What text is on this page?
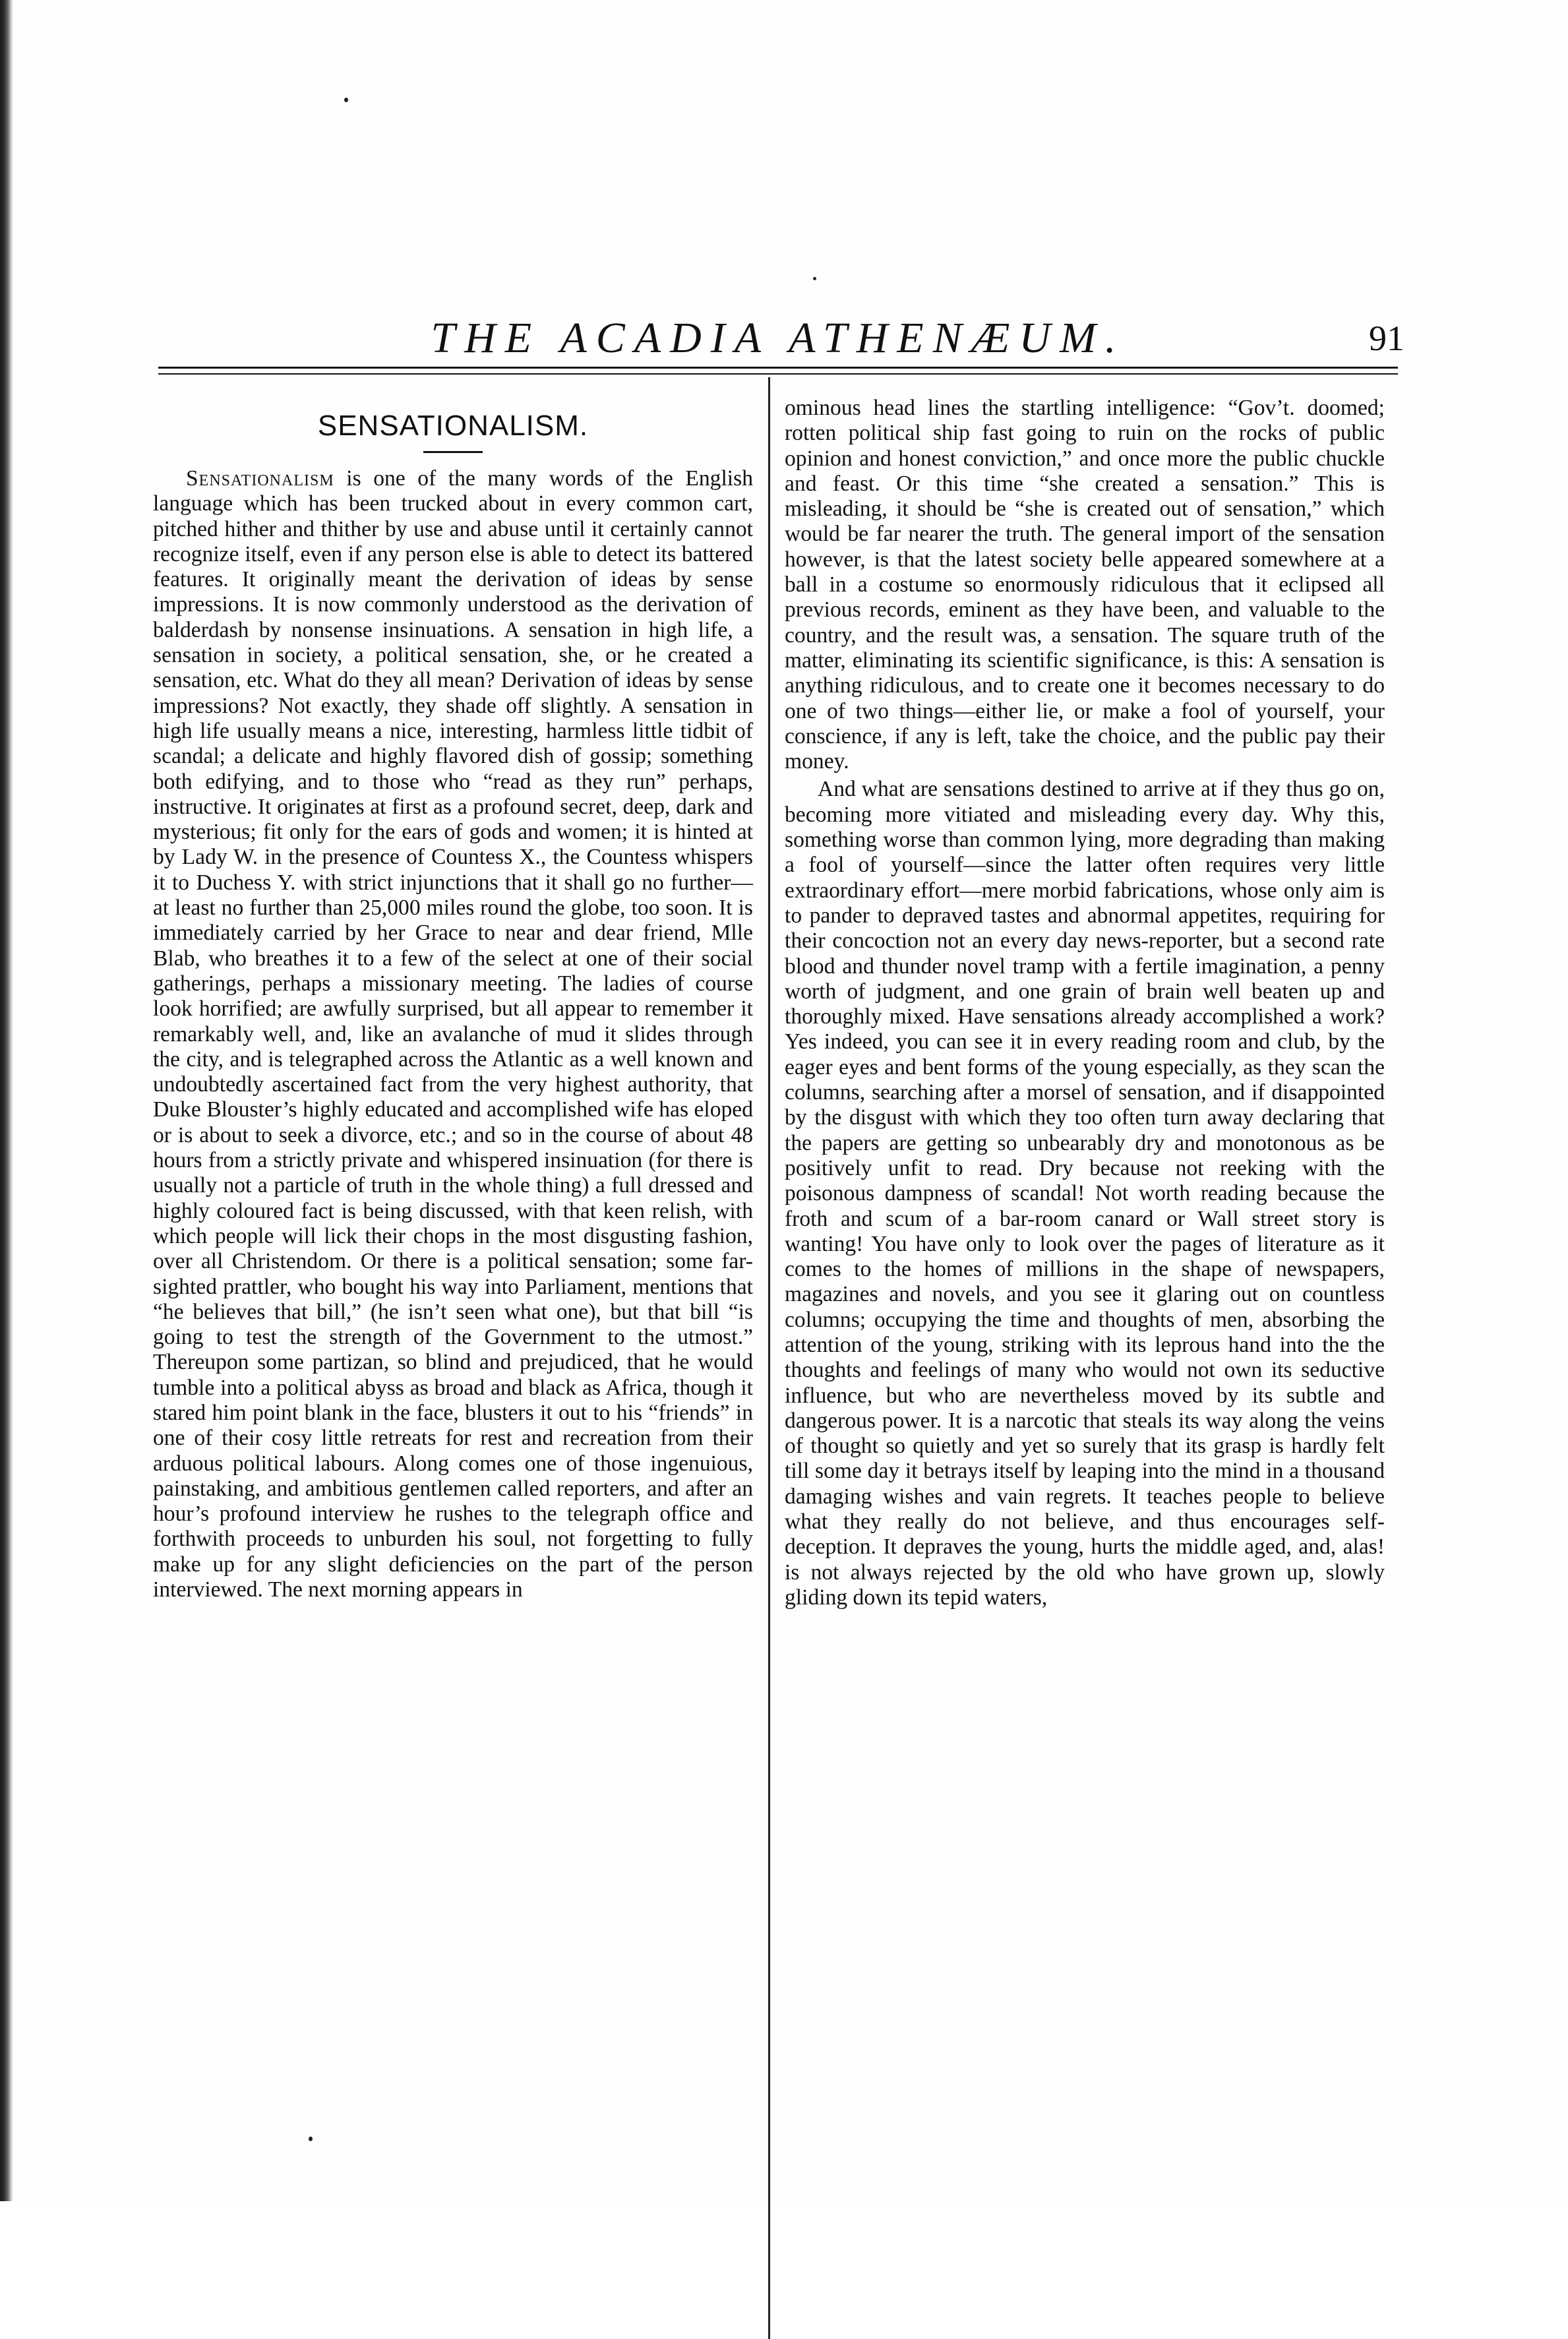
THE ACADIA ATHENÆUM.	91
SENSATIONALISM.

Sensationalism is one of the many words of the English language which has been trucked about in every common cart, pitched hither and thither by use and abuse until it certainly cannot recognize itself, even if any person else is able to detect its battered features. It originally meant the derivation of ideas by sense impressions. It is now commonly understood as the derivation of balderdash by nonsense insinuations. A sensation in high life, a sensation in society, a political sensation, she, or he created a sensation, etc. What do they all mean? Derivation of ideas by sense impressions? Not exactly, they shade off slightly. A sensation in high life usually means a nice, interesting, harmless little tidbit of scandal; a delicate and highly flavored dish of gossip; something both edifying, and to those who “read as they run” perhaps, instructive. It originates at first as a profound secret, deep, dark and mysterious; fit only for the ears of gods and women; it is hinted at by Lady W. in the presence of Countess X., the Countess whispers it to Duchess Y. with strict injunctions that it shall go no further—at least no further than 25,000 miles round the globe, too soon. It is immediately carried by her Grace to near and dear friend, Mlle Blab, who breathes it to a few of the select at one of their social gatherings, perhaps a missionary meeting. The ladies of course look horrified; are awfully surprised, but all appear to remember it remarkably well, and, like an avalanche of mud it slides through the city, and is telegraphed across the Atlantic as a well known and undoubtedly ascertained fact from the very highest authority, that Duke Blouster’s highly educated and accomplished wife has eloped or is about to seek a divorce, etc.; and so in the course of about 48 hours from a strictly private and whispered insinuation (for there is usually not a particle of truth in the whole thing) a full dressed and highly coloured fact is being discussed, with that keen relish, with which people will lick their chops in the most disgusting fashion, over all Christendom. Or there is a political sensation; some far-sighted prattler, who bought his way into Parliament, mentions that “he believes that bill,” (he isn’t seen what one), but that bill “is going to test the strength of the Government to the utmost.” Thereupon some partizan, so blind and prejudiced, that he would tumble into a political abyss as broad and black as Africa, though it stared him point blank in the face, blusters it out to his “friends” in one of their cosy little retreats for rest and recreation from their arduous political labours. Along comes one of those ingenuious, painstaking, and ambitious gentlemen called reporters, and after an hour’s profound interview he rushes to the telegraph office and forthwith proceeds to unburden his soul, not forgetting to fully make up for any slight deficiencies on the part of the person interviewed. The next morning appears in

ominous head lines the startling intelligence: “Gov’t. doomed; rotten political ship fast going to ruin on the rocks of public opinion and honest conviction,” and once more the public chuckle and feast. Or this time “she created a sensation.” This is misleading, it should be “she is created out of sensation,” which would be far nearer the truth. The general import of the sensation however, is that the latest society belle appeared somewhere at a ball in a costume so enormously ridiculous that it eclipsed all previous records, eminent as they have been, and valuable to the country, and the result was, a sensation. The square truth of the matter, eliminating its scientific significance, is this: A sensation is anything ridiculous, and to create one it becomes necessary to do one of two things—either lie, or make a fool of yourself, your conscience, if any is left, take the choice, and the public pay their money.

And what are sensations destined to arrive at if they thus go on, becoming more vitiated and misleading every day. Why this, something worse than common lying, more degrading than making a fool of yourself—since the latter often requires very little extraordinary effort—mere morbid fabrications, whose only aim is to pander to depraved tastes and abnormal appetites, requiring for their concoction not an every day news-reporter, but a second rate blood and thunder novel tramp with a fertile imagination, a penny worth of judgment, and one grain of brain well beaten up and thoroughly mixed. Have sensations already accomplished a work? Yes indeed, you can see it in every reading room and club, by the eager eyes and bent forms of the young especially, as they scan the columns, searching after a morsel of sensation, and if disappointed by the disgust with which they too often turn away declaring that the papers are getting so unbearably dry and monotonous as be positively unfit to read. Dry because not reeking with the poisonous dampness of scandal! Not worth reading because the froth and scum of a bar-room canard or Wall street story is wanting! You have only to look over the pages of literature as it comes to the homes of millions in the shape of newspapers, magazines and novels, and you see it glaring out on countless columns; occupying the time and thoughts of men, absorbing the attention of the young, striking with its leprous hand into the the thoughts and feelings of many who would not own its seductive influence, but who are nevertheless moved by its subtle and dangerous power. It is a narcotic that steals its way along the veins of thought so quietly and yet so surely that its grasp is hardly felt till some day it betrays itself by leaping into the mind in a thousand damaging wishes and vain regrets. It teaches people to believe what they really do not believe, and thus encourages self-deception. It depraves the young, hurts the middle aged, and, alas! is not always rejected by the old who have grown up, slowly gliding down its tepid waters,
